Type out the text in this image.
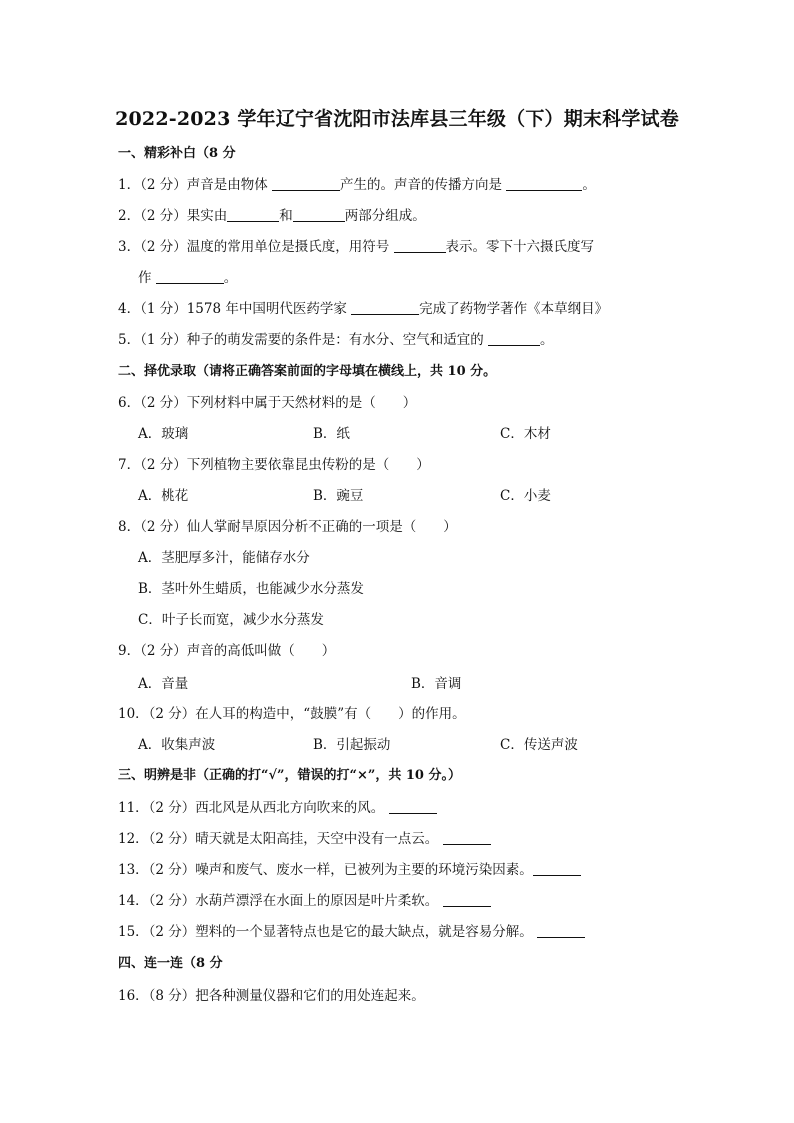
2022-2023 学年辽宁省沈阳市法库县三年级（下）期末科学试卷
一、精彩补白（8 分
1．（2 分）声音是由物体	产生的。声音的传播方向是	。
2．（2 分）果实由	和	两部分组成。
3．（2 分）温度的常用单位是摄氏度，用符号	表示。零下十六摄氏度写
作	。
4．（1 分）1578 年中国明代医药学家	完成了药物学著作《本草纲目》
5．（1 分）种子的萌发需要的条件是：有水分、空气和适宜的	。
二、择优录取（请将正确答案前面的字母填在横线上，共 10 分。
6．（2 分）下列材料中属于天然材料的是（　　）
A．玻璃	B．纸	C．木材
7．（2 分）下列植物主要依靠昆虫传粉的是（　　）
A．桃花	B．豌豆	C．小麦
8．（2 分）仙人掌耐旱原因分析不正确的一项是（　　）
A．茎肥厚多汁，能储存水分
B．茎叶外生蜡质，也能减少水分蒸发
C．叶子长而宽，减少水分蒸发
9．（2 分）声音的高低叫做（　　）
A．音量	B．音调
10．（2 分）在人耳的构造中，“鼓膜”有（　　）的作用。
A．收集声波	B．引起振动	C．传送声波
三、明辨是非（正确的打“√”，错误的打“×”，共 10 分。）
11．（2 分）西北风是从西北方向吹来的风。
12．（2 分）晴天就是太阳高挂，天空中没有一点云。
13．（2 分）噪声和废气、废水一样，已被列为主要的环境污染因素。
14．（2 分）水葫芦漂浮在水面上的原因是叶片柔软。
15．（2 分）塑料的一个显著特点也是它的最大缺点，就是容易分解。
四、连一连（8 分
16．（8 分）把各种测量仪器和它们的用处连起来。
